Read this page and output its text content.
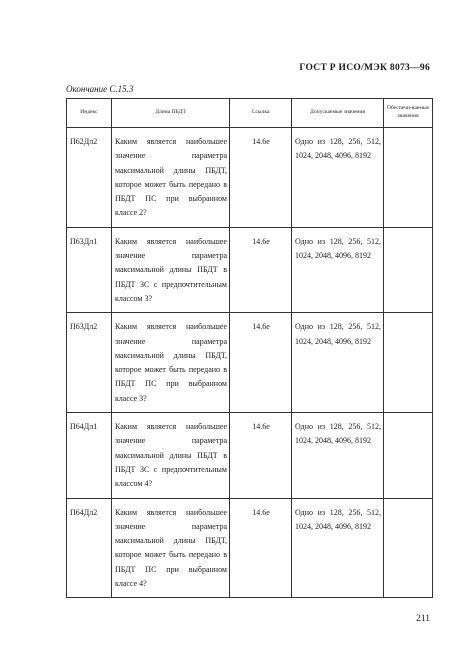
ГОСТ Р ИСО/МЭК 8073—96
Окончание С.15.3
Индекс	Длина ПБДТ	Ссылка	Допускаемые значения	Обеспечи-ваемые значения
П62Дл2	Каким является наибольшее значение параметра максимальной длины ПБДТ, которое может быть передано в ПБДТ ПС при выбранном классе 2?	14.6е	Одно из 128, 256, 512, 1024, 2048, 4096, 8192	
П63Дл1	Каким является наибольшее значение параметра максимальной длины ПБДТ в ПБДТ ЗС с предпочтительным классом 3?	14.6е	Одно из 128, 256, 512, 1024, 2048, 4096, 8192	
П63Дл2	Каким является наибольшее значение параметра максимальной длины ПБДТ, которое может быть передано в ПБДТ ПС при выбранном классе 3?	14.6е	Одно из 128, 256, 512, 1024, 2048, 4096, 8192	
П64Дл1	Каким является наибольшее значение параметра максимальной длины ПБДТ в ПБДТ ЗС с предпочтительным классом 4?	14.6е	Одно из 128, 256, 512, 1024, 2048, 4096, 8192	
П64Дл2	Каким является наибольшее значение параметра максимальной длины ПБДТ, которое может быть передано в ПБДТ ПС при выбранном классе 4?	14.6е	Одно из 128, 256, 512, 1024, 2048, 4096, 8192	
211
